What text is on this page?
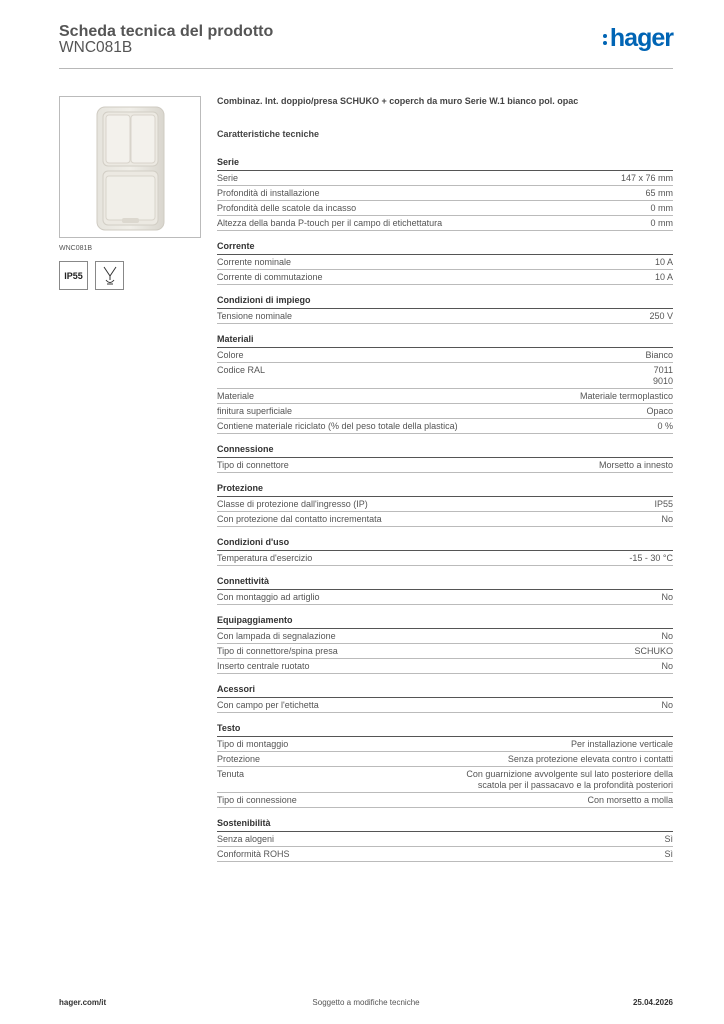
Scheda tecnica del prodotto
WNC081B	hager
WNC081B
IP55
Combinaz. Int. doppio/presa SCHUKO + coperch da muro Serie W.1 bianco pol. opac
Caratteristiche tecniche
Serie
Serie	147 x 76 mm
Profondità di installazione	65 mm
Profondità delle scatole da incasso	0 mm
Altezza della banda P-touch per il campo di etichettatura	0 mm
Corrente
Corrente nominale	10 A
Corrente di commutazione	10 A
Condizioni di impiego
Tensione nominale	250 V
Materiali
Colore	Bianco
Codice RAL	7011
9010
Materiale	Materiale termoplastico
finitura superficiale	Opaco
Contiene materiale riciclato (% del peso totale della plastica)	0 %
Connessione
Tipo di connettore	Morsetto a innesto
Protezione
Classe di protezione dall'ingresso (IP)	IP55
Con protezione dal contatto incrementata	No
Condizioni d'uso
Temperatura d'esercizio	-15 - 30 °C
Connettività
Con montaggio ad artiglio	No
Equipaggiamento
Con lampada di segnalazione	No
Tipo di connettore/spina presa	SCHUKO
Inserto centrale ruotato	No
Acessori
Con campo per l'etichetta	No
Testo
Tipo di montaggio	Per installazione verticale
Protezione	Senza protezione elevata contro i contatti
Tenuta	Con guarnizione avvolgente sul lato posteriore della scatola per il passacavo e la profondità posteriori
Tipo di connessione	Con morsetto a molla
Sostenibilità
Senza alogeni	Sì
Conformità ROHS	Sì
hager.com/it	Soggetto a modifiche tecniche	25.04.2026
